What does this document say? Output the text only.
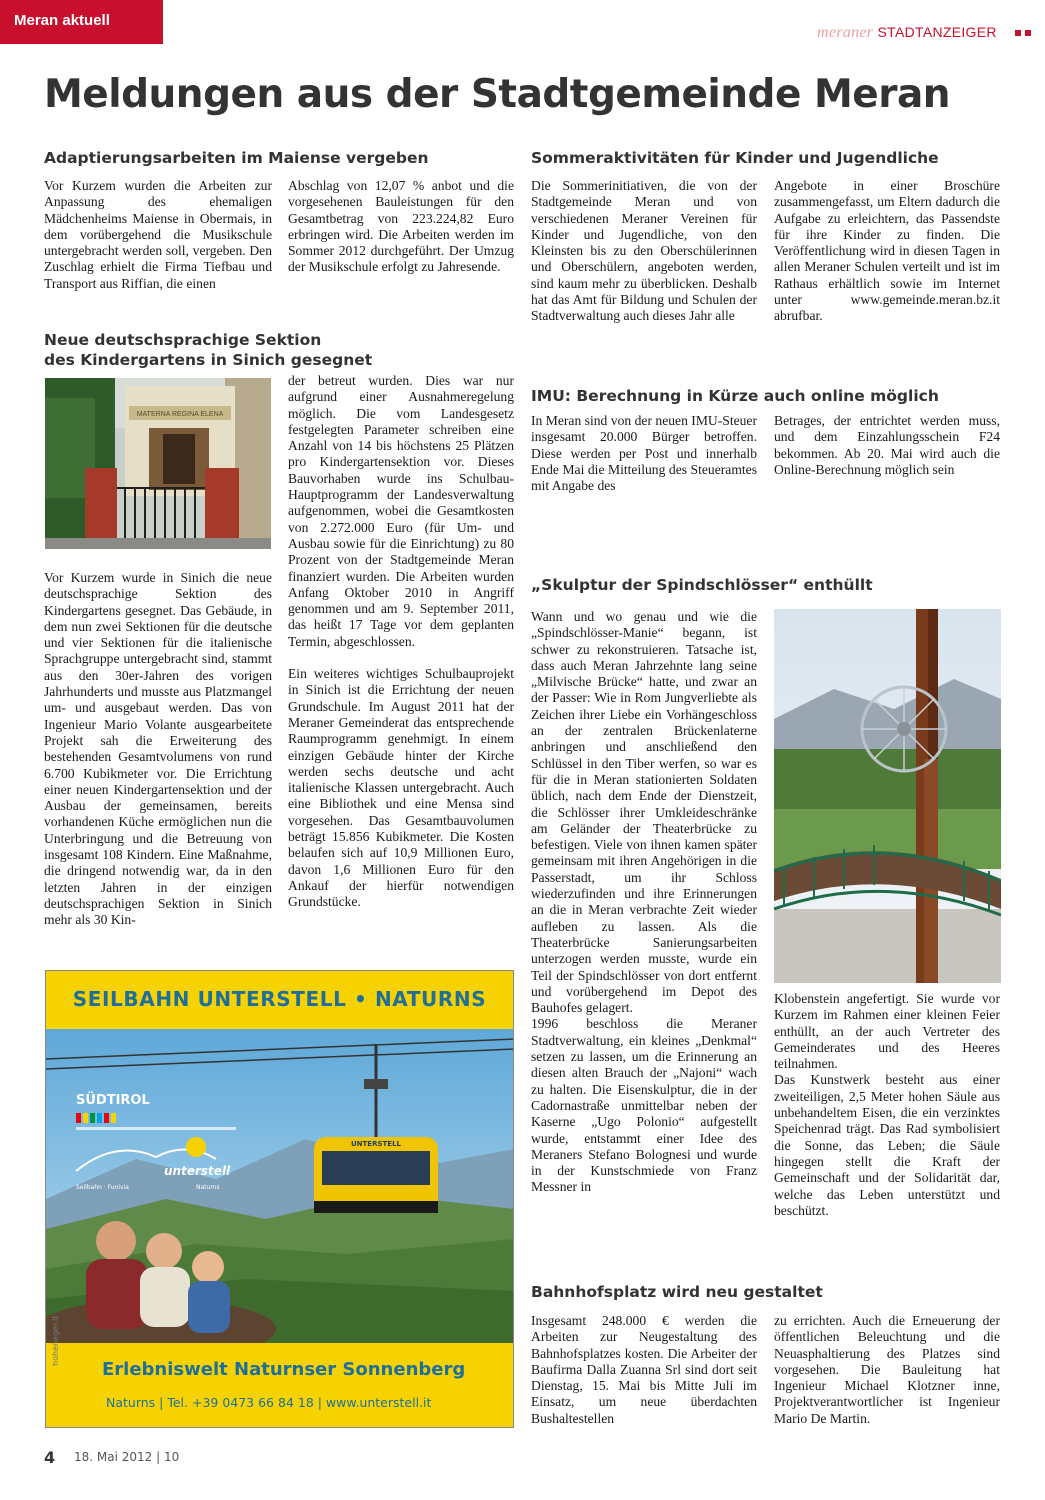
Meran aktuell
meraner STADTANZEIGER
Meldungen aus der Stadtgemeinde Meran
Adaptierungsarbeiten im Maiense vergeben

Vor Kurzem wurden die Arbeiten zur Anpassung des ehemaligen Mädchenheims Maiense in Obermais, in dem vorübergehend die Musikschule untergebracht werden soll, vergeben. Den Zuschlag erhielt die Firma Tiefbau und Transport aus Riffian, die einen

Abschlag von 12,07 % anbot und die vorgesehenen Bauleistungen für den Gesamtbetrag von 223.224,82 Euro erbringen wird. Die Arbeiten werden im Sommer 2012 durchgeführt. Der Umzug der Musikschule erfolgt zu Jahresende.

Neue deutschsprachige Sektion
des Kindergartens in Sinich gesegnet
MATERNA REGINA ELENA

Vor Kurzem wurde in Sinich die neue deutschsprachige Sektion des Kindergartens gesegnet. Das Gebäude, in dem nun zwei Sektionen für die deutsche und vier Sektionen für die italienische Sprachgruppe untergebracht sind, stammt aus den 30er-Jahren des vorigen Jahrhunderts und musste aus Platzmangel um- und ausgebaut werden. Das von Ingenieur Mario Volante ausgearbeitete Projekt sah die Erweiterung des bestehenden Gesamtvolumens von rund 6.700 Kubikmeter vor. Die Errichtung einer neuen Kindergartensektion und der Ausbau der gemeinsamen, bereits vorhandenen Küche ermöglichen nun die Unterbringung und die Betreuung von insgesamt 108 Kindern. Eine Maßnahme, die dringend notwendig war, da in den letzten Jahren in der einzigen deutschsprachigen Sektion in Sinich mehr als 30 Kin-

der betreut wurden. Dies war nur aufgrund einer Ausnahmeregelung möglich. Die vom Landesgesetz festgelegten Parameter schreiben eine Anzahl von 14 bis höchstens 25 Plätzen pro Kindergartensektion vor. Dieses Bauvorhaben wurde ins Schulbau-Hauptprogramm der Landesverwaltung aufgenommen, wobei die Gesamtkosten von 2.272.000 Euro (für Um- und Ausbau sowie für die Einrichtung) zu 80 Prozent von der Stadtgemeinde Meran finanziert wurden. Die Arbeiten wurden Anfang Oktober 2010 in Angriff genommen und am 9. September 2011, das heißt 17 Tage vor dem geplanten Termin, abgeschlossen.

Ein weiteres wichtiges Schulbauprojekt in Sinich ist die Errichtung der neuen Grundschule. Im August 2011 hat der Meraner Gemeinderat das entsprechende Raumprogramm genehmigt. In einem einzigen Gebäude hinter der Kirche werden sechs deutsche und acht italienische Klassen untergebracht. Auch eine Bibliothek und eine Mensa sind vorgesehen. Das Gesamtbauvolumen beträgt 15.856 Kubikmeter. Die Kosten belaufen sich auf 10,9 Millionen Euro, davon 1,6 Millionen Euro für den Ankauf der hierfür notwendigen Grundstücke.

SEILBAHN UNTERSTELL • NATURNS
UNTERSTELL
SÜDTIROL
unterstell
Seilbahn · Funivia	Naturns
Erlebniswelt Naturnser Sonnenberg
Naturns | Tel. +39 0473 66 84 18 | www.unterstell.it
hoheneger.it
Sommeraktivitäten für Kinder und Jugendliche

Die Sommerinitiativen, die von der Stadtgemeinde Meran und von verschiedenen Meraner Vereinen für Kinder und Jugendliche, von den Kleinsten bis zu den Oberschülerinnen und Oberschülern, angeboten werden, sind kaum mehr zu überblicken. Deshalb hat das Amt für Bildung und Schulen der Stadtverwaltung auch dieses Jahr alle

Angebote in einer Broschüre zusammengefasst, um Eltern dadurch die Aufgabe zu erleichtern, das Passendste für ihre Kinder zu finden. Die Veröffentlichung wird in diesen Tagen in allen Meraner Schulen verteilt und ist im Rathaus erhältlich sowie im Internet unter www.gemeinde.meran.bz.it abrufbar.

IMU: Berechnung in Kürze auch online möglich

In Meran sind von der neuen IMU-Steuer insgesamt 20.000 Bürger betroffen. Diese werden per Post und innerhalb Ende Mai die Mitteilung des Steueramtes mit Angabe des

Betrages, der entrichtet werden muss, und dem Einzahlungsschein F24 bekommen. Ab 20. Mai wird auch die Online-Berechnung möglich sein

„Skulptur der Spindschlösser“ enthüllt

Wann und wo genau und wie die „Spindschlösser-Manie“ begann, ist schwer zu rekonstruieren. Tatsache ist, dass auch Meran Jahrzehnte lang seine „Milvische Brücke“ hatte, und zwar an der Passer: Wie in Rom Jungverliebte als Zeichen ihrer Liebe ein Vorhängeschloss an der zentralen Brückenlaterne anbringen und anschließend den Schlüssel in den Tiber werfen, so war es für die in Meran stationierten Soldaten üblich, nach dem Ende der Dienstzeit, die Schlösser ihrer Umkleideschränke am Geländer der Theaterbrücke zu befestigen. Viele von ihnen kamen später gemeinsam mit ihren Angehörigen in die Passerstadt, um ihr Schloss wiederzufinden und ihre Erinnerungen an die in Meran verbrachte Zeit wieder aufleben zu lassen. Als die Theaterbrücke Sanierungsarbeiten unterzogen werden musste, wurde ein Teil der Spindschlösser von dort entfernt und vorübergehend im Depot des Bauhofes gelagert.

1996 beschloss die Meraner Stadtverwaltung, ein kleines „Denkmal“ setzen zu lassen, um die Erinnerung an diesen alten Brauch der „Najoni“ wach zu halten. Die Eisenskulptur, die in der Cadornastraße unmittelbar neben der Kaserne „Ugo Polonio“ aufgestellt wurde, entstammt einer Idee des Meraners Stefano Bolognesi und wurde in der Kunstschmiede von Franz Messner in

Klobenstein angefertigt. Sie wurde vor Kurzem im Rahmen einer kleinen Feier enthüllt, an der auch Vertreter des Gemeinderates und des Heeres teilnahmen.

Das Kunstwerk besteht aus einer zweiteiligen, 2,5 Meter hohen Säule aus unbehandeltem Eisen, die ein verzinktes Speichenrad trägt. Das Rad symbolisiert die Sonne, das Leben; die Säule hingegen stellt die Kraft der Gemeinschaft und der Solidarität dar, welche das Leben unterstützt und beschützt.

Bahnhofsplatz wird neu gestaltet

Insgesamt 248.000 € werden die Arbeiten zur Neugestaltung des Bahnhofsplatzes kosten. Die Arbeiter der Baufirma Dalla Zuanna Srl sind dort seit Dienstag, 15. Mai bis Mitte Juli im Einsatz, um neue überdachten Bushaltestellen

zu errichten. Auch die Erneuerung der öffentlichen Beleuchtung und die Neuasphaltierung des Platzes sind vorgesehen. Die Bauleitung hat Ingenieur Michael Klotzner inne, Projektverantwortlicher ist Ingenieur Mario De Martin.

4 18. Mai 2012 | 10
